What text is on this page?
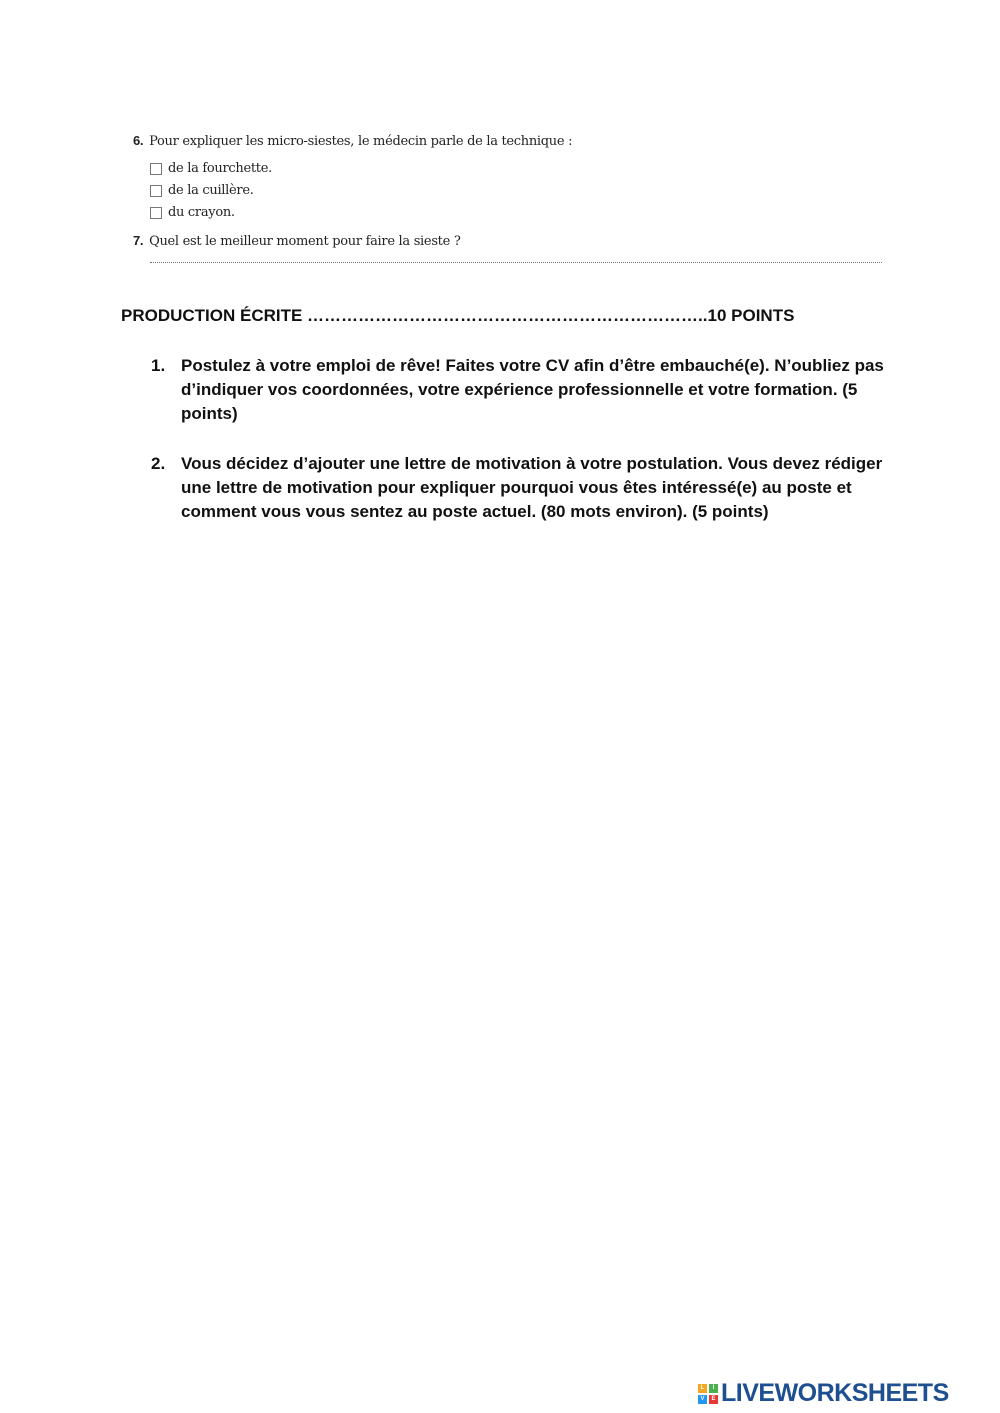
6. Pour expliquer les micro-siestes, le médecin parle de la technique :
de la fourchette.
de la cuillère.
du crayon.
7. Quel est le meilleur moment pour faire la sieste ?
PRODUCTION ÉCRITE ……………………………………………………………..10 POINTS
1. Postulez à votre emploi de rêve! Faites votre CV afin d’être embauché(e). N’oubliez pas d’indiquer vos coordonnées, votre expérience professionnelle et votre formation. (5 points)
2. Vous décidez d’ajouter une lettre de motivation à votre postulation. Vous devez rédiger une lettre de motivation pour expliquer pourquoi vous êtes intéressé(e) au poste et comment vous vous sentez au poste actuel. (80 mots environ). (5 points)
L	I
V	E LIVEWORKSHEETS
